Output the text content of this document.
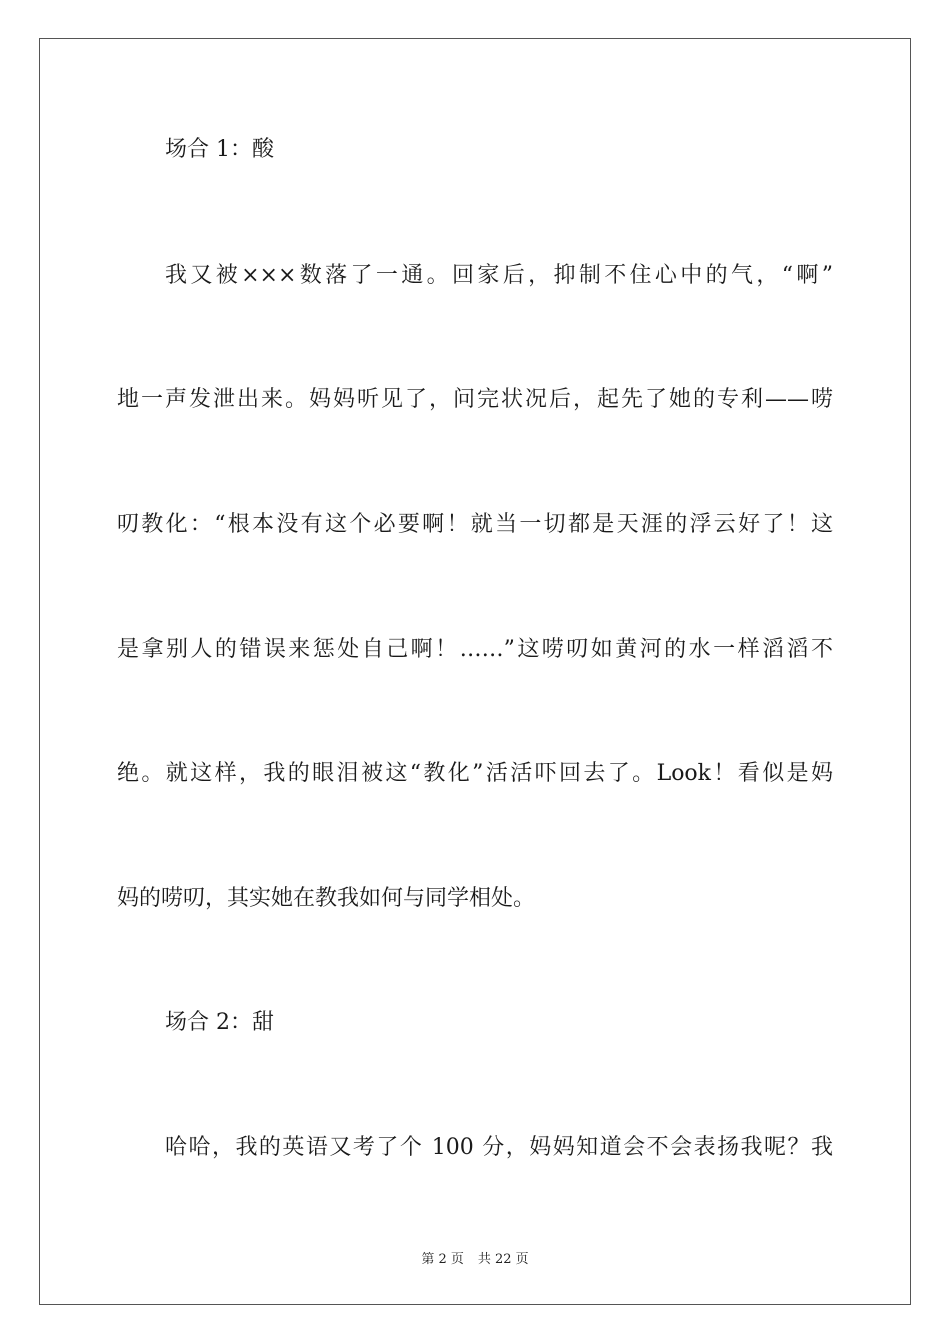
场合 1：酸
我又被×××数落了一通。回家后，抑制不住心中的气，“啊”
地一声发泄出来。妈妈听见了，问完状况后，起先了她的专利——唠
叨教化：“根本没有这个必要啊！就当一切都是天涯的浮云好了！这
是拿别人的错误来惩处自己啊！……”这唠叨如黄河的水一样滔滔不
绝。就这样，我的眼泪被这“教化”活活吓回去了。Look！看似是妈
妈的唠叨，其实她在教我如何与同学相处。
场合 2：甜
哈哈，我的英语又考了个 100 分，妈妈知道会不会表扬我呢？我
第 2 页 共 22 页
